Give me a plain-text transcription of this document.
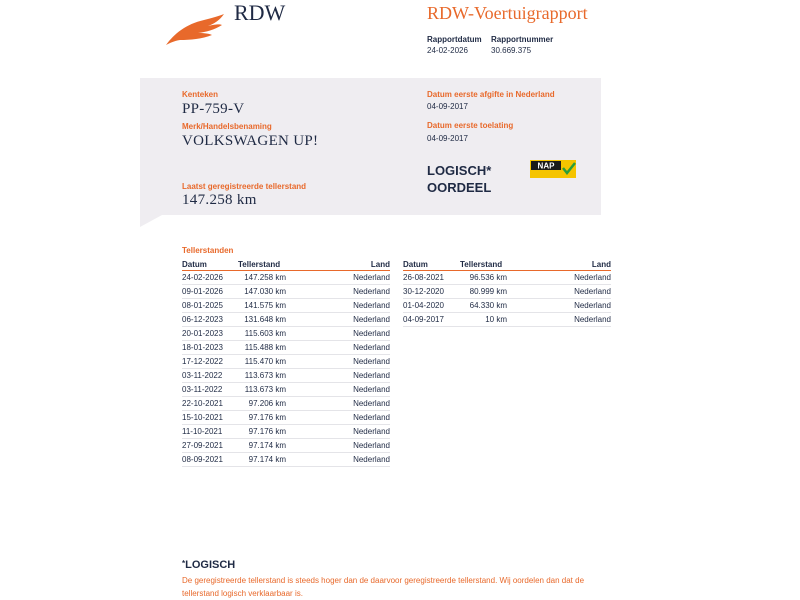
RDW	RDW-Voertuigrapport
Rapportdatum
24-02-2026
Rapportnummer
30.669.375
Kenteken
PP-759-V
Merk/Handelsbenaming
VOLKSWAGEN UP!
Laatst geregistreerde tellerstand
147.258 km
Datum eerste afgifte in Nederland
04-09-2017
Datum eerste toelating
04-09-2017
LOGISCH*
OORDEEL
NAP
Tellerstanden
Datum	Tellerstand	Land
24-02-2026	147.258 km	Nederland
09-01-2026	147.030 km	Nederland
08-01-2025	141.575 km	Nederland
06-12-2023	131.648 km	Nederland
20-01-2023	115.603 km	Nederland
18-01-2023	115.488 km	Nederland
17-12-2022	115.470 km	Nederland
03-11-2022	113.673 km	Nederland
03-11-2022	113.673 km	Nederland
22-10-2021	97.206 km	Nederland
15-10-2021	97.176 km	Nederland
11-10-2021	97.176 km	Nederland
27-09-2021	97.174 km	Nederland
08-09-2021	97.174 km	Nederland
Datum	Tellerstand	Land
26-08-2021	96.536 km	Nederland
30-12-2020	80.999 km	Nederland
01-04-2020	64.330 km	Nederland
04-09-2017	10 km	Nederland
*LOGISCH
De geregistreerde tellerstand is steeds hoger dan de daarvoor geregistreerde tellerstand. Wij oordelen dan dat de tellerstand logisch verklaarbaar is.
